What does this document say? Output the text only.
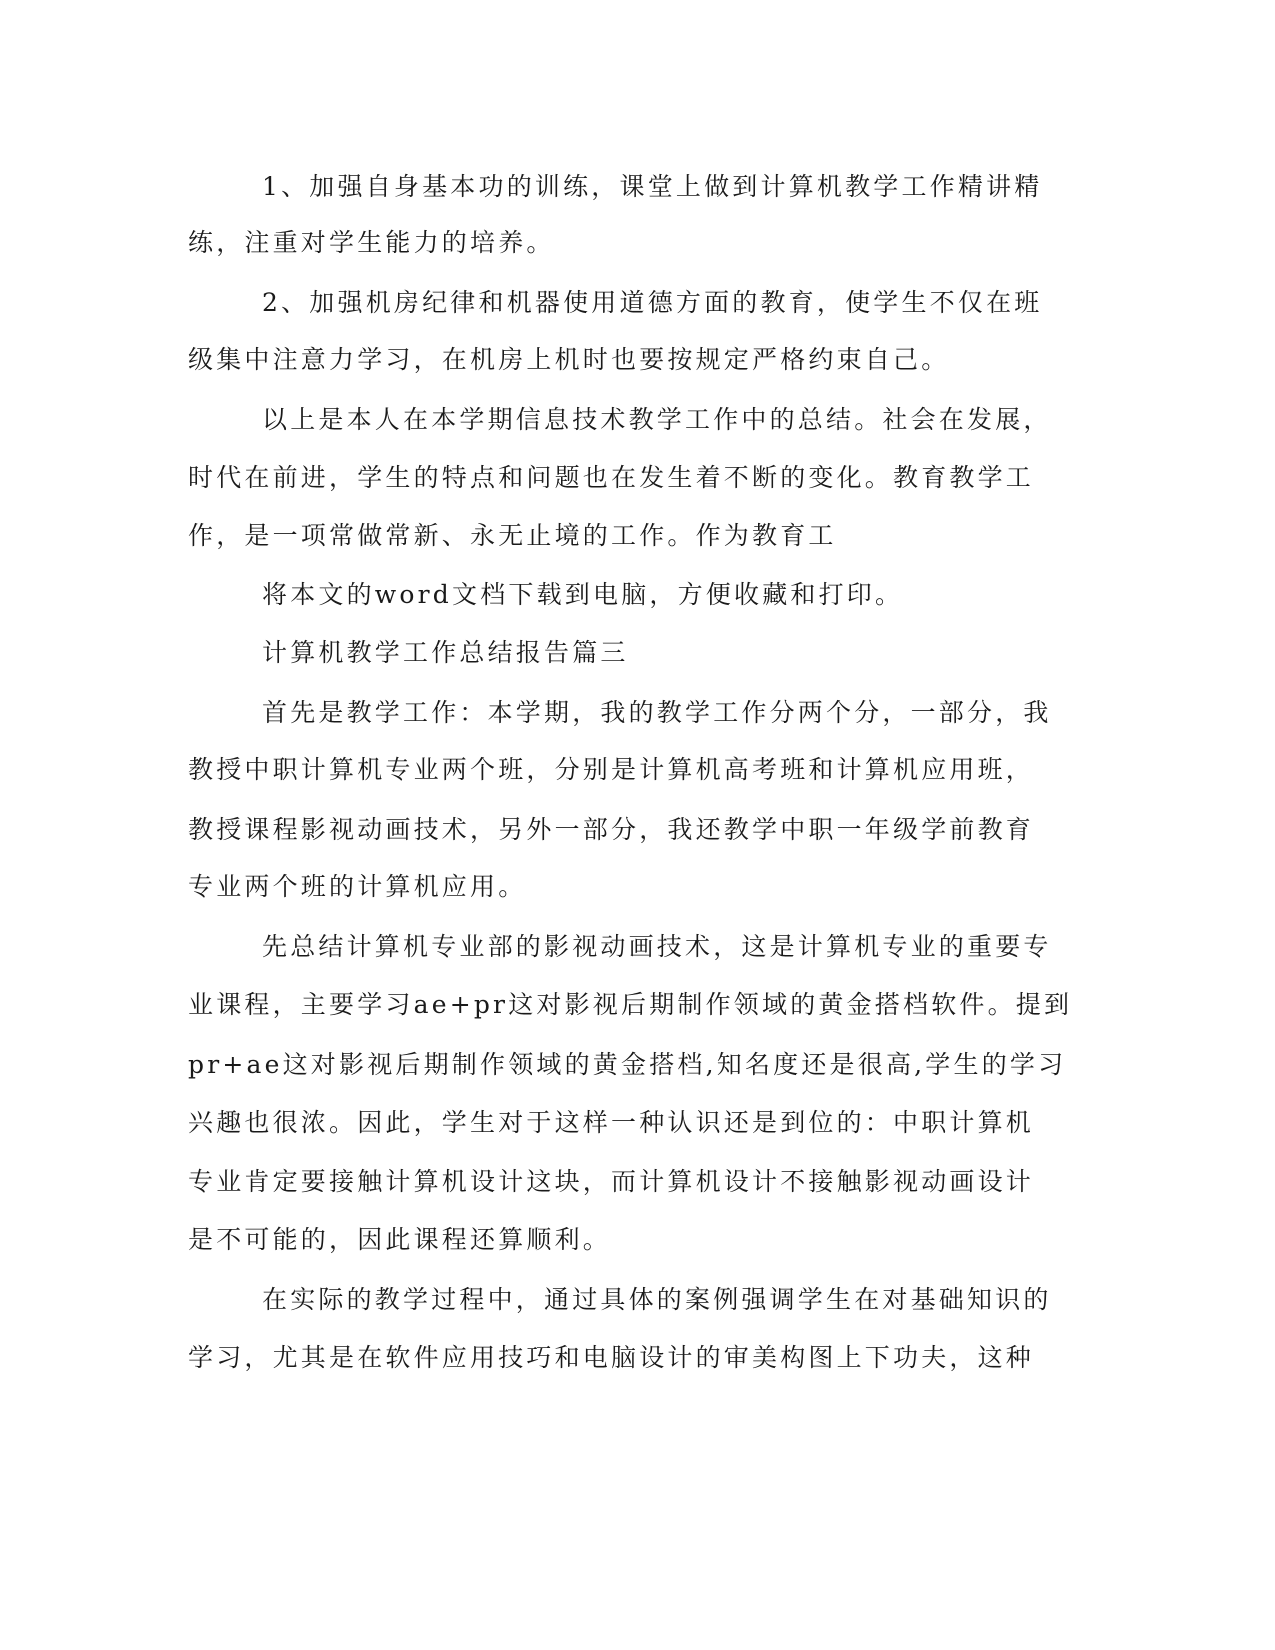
1、加强自身基本功的训练，课堂上做到计算机教学工作精讲精
练，注重对学生能力的培养。
2、加强机房纪律和机器使用道德方面的教育，使学生不仅在班
级集中注意力学习，在机房上机时也要按规定严格约束自己。
以上是本人在本学期信息技术教学工作中的总结。社会在发展，
时代在前进，学生的特点和问题也在发生着不断的变化。教育教学工
作，是一项常做常新、永无止境的工作。作为教育工
将本文的word文档下载到电脑，方便收藏和打印。
计算机教学工作总结报告篇三
首先是教学工作：本学期，我的教学工作分两个分，一部分，我
教授中职计算机专业两个班，分别是计算机高考班和计算机应用班，
教授课程影视动画技术，另外一部分，我还教学中职一年级学前教育
专业两个班的计算机应用。
先总结计算机专业部的影视动画技术，这是计算机专业的重要专
业课程，主要学习ae+pr这对影视后期制作领域的黄金搭档软件。提到
pr+ae这对影视后期制作领域的黄金搭档,知名度还是很高,学生的学习
兴趣也很浓。因此，学生对于这样一种认识还是到位的：中职计算机
专业肯定要接触计算机设计这块，而计算机设计不接触影视动画设计
是不可能的，因此课程还算顺利。
在实际的教学过程中，通过具体的案例强调学生在对基础知识的
学习，尤其是在软件应用技巧和电脑设计的审美构图上下功夫，这种
